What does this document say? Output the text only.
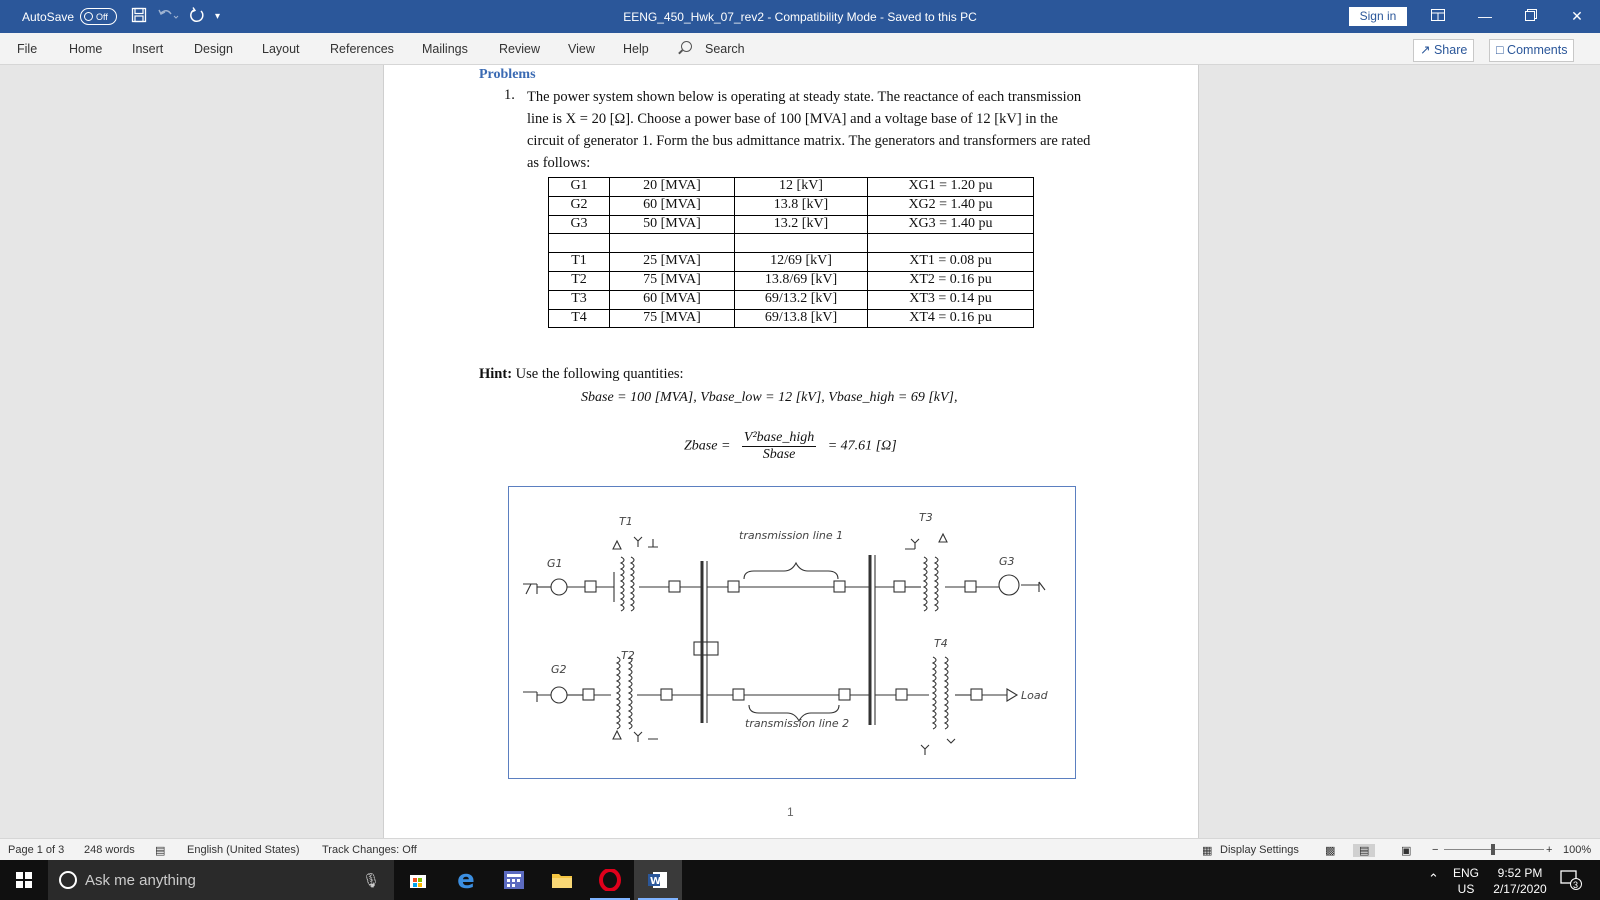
AutoSave Off	▾	EENG_450_Hwk_07_rev2 - Compatibility Mode - Saved to this PC	Sign in	—	✕
File	Home Insert Design Layout References Mailings Review View Help	Search	↗ Share	□ Comments
Problems
1. The power system shown below is operating at steady state. The reactance of each transmission line is X = 20 [Ω]. Choose a power base of 100 [MVA] and a voltage base of 12 [kV] in the circuit of generator 1. Form the bus admittance matrix. The generators and transformers are rated as follows:
G1	20 [MVA]	12 [kV]	XG1 = 1.20 pu
G2	60 [MVA]	13.8 [kV]	XG2 = 1.40 pu
G3	50 [MVA]	13.2 [kV]	XG3 = 1.40 pu

T1	25 [MVA]	12/69 [kV]	XT1 = 0.08 pu
T2	75 [MVA]	13.8/69 [kV]	XT2 = 0.16 pu
T3	60 [MVA]	69/13.2 [kV]	XT3 = 0.14 pu
T4	75 [MVA]	69/13.8 [kV]	XT4 = 0.16 pu
Hint: Use the following quantities:
Sbase = 100 [MVA], Vbase_low = 12 [kV], Vbase_high = 69 [kV],
Zbase =
V²base_high
Sbase
= 47.61 [Ω]
T1
T2
T3
T4
G1
G2
G3
transmission line 1
transmission line 2
Load
1
Page 1 of 3 248 words ▤ English (United States) Track Changes: Off	▦ Display Settings ▩	▤	▣ −	+ 100%
Ask me anything	🎙	e	W	⌃ ENG
US
9:52 PM
2/17/2020	3
